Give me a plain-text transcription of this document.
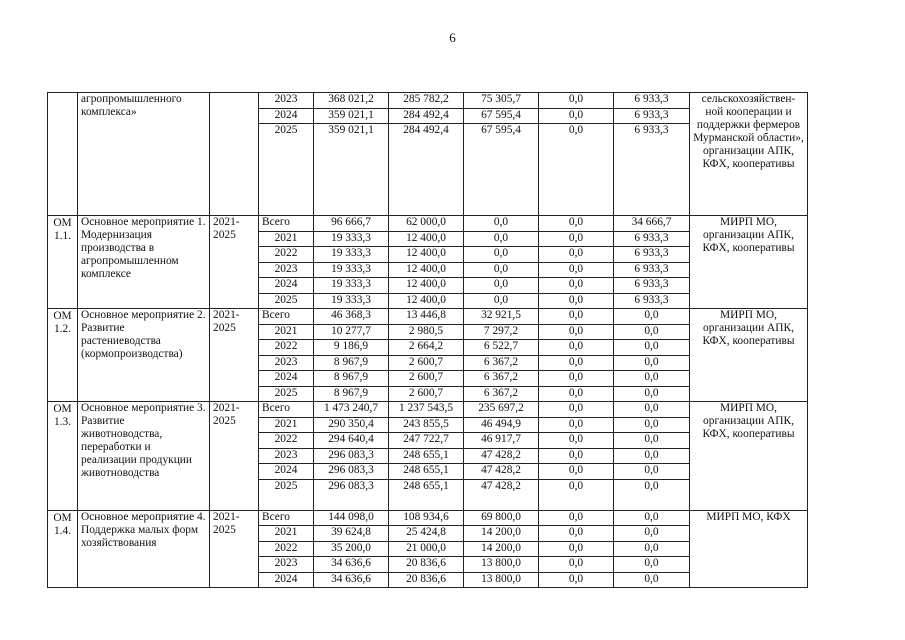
6
	агропромышленного комплекса»		2023	368 021,2	285 782,2	75 305,7	0,0	6 933,3	сельскохозяйствен-ной кооперации и поддержки фермеров Мурманской области», организации АПК, КФХ, кооперативы
			2024	359 021,1	284 492,4	67 595,4	0,0	6 933,3	
			2025	359 021,1	284 492,4	67 595,4	0,0	6 933,3	
ОМ 1.1.	Основное мероприятие 1. Модернизация производства в агропромышленном комплексе	2021-2025	Всего	96 666,7	62 000,0	0,0	0,0	34 666,7	МИРП МО, организации АПК, КФХ, кооперативы
			2021	19 333,3	12 400,0	0,0	0,0	6 933,3	
			2022	19 333,3	12 400,0	0,0	0,0	6 933,3	
			2023	19 333,3	12 400,0	0,0	0,0	6 933,3	
			2024	19 333,3	12 400,0	0,0	0,0	6 933,3	
			2025	19 333,3	12 400,0	0,0	0,0	6 933,3	
ОМ 1.2.	Основное мероприятие 2. Развитие растениеводства (кормопроизводства)	2021-2025	Всего	46 368,3	13 446,8	32 921,5	0,0	0,0	МИРП МО, организации АПК, КФХ, кооперативы
			2021	10 277,7	2 980,5	7 297,2	0,0	0,0	
			2022	9 186,9	2 664,2	6 522,7	0,0	0,0	
			2023	8 967,9	2 600,7	6 367,2	0,0	0,0	
			2024	8 967,9	2 600,7	6 367,2	0,0	0,0	
			2025	8 967,9	2 600,7	6 367,2	0,0	0,0	
ОМ 1.3.	Основное мероприятие 3. Развитие животноводства, переработки и реализации продукции животноводства	2021-2025	Всего	1 473 240,7	1 237 543,5	235 697,2	0,0	0,0	МИРП МО, организации АПК, КФХ, кооперативы
			2021	290 350,4	243 855,5	46 494,9	0,0	0,0	
			2022	294 640,4	247 722,7	46 917,7	0,0	0,0	
			2023	296 083,3	248 655,1	47 428,2	0,0	0,0	
			2024	296 083,3	248 655,1	47 428,2	0,0	0,0	
			2025	296 083,3	248 655,1	47 428,2	0,0	0,0	
ОМ 1.4.	Основное мероприятие 4. Поддержка малых форм хозяйствования	2021-2025	Всего	144 098,0	108 934,6	69 800,0	0,0	0,0	МИРП МО, КФХ
			2021	39 624,8	25 424,8	14 200,0	0,0	0,0	
			2022	35 200,0	21 000,0	14 200,0	0,0	0,0	
			2023	34 636,6	20 836,6	13 800,0	0,0	0,0	
			2024	34 636,6	20 836,6	13 800,0	0,0	0,0	
